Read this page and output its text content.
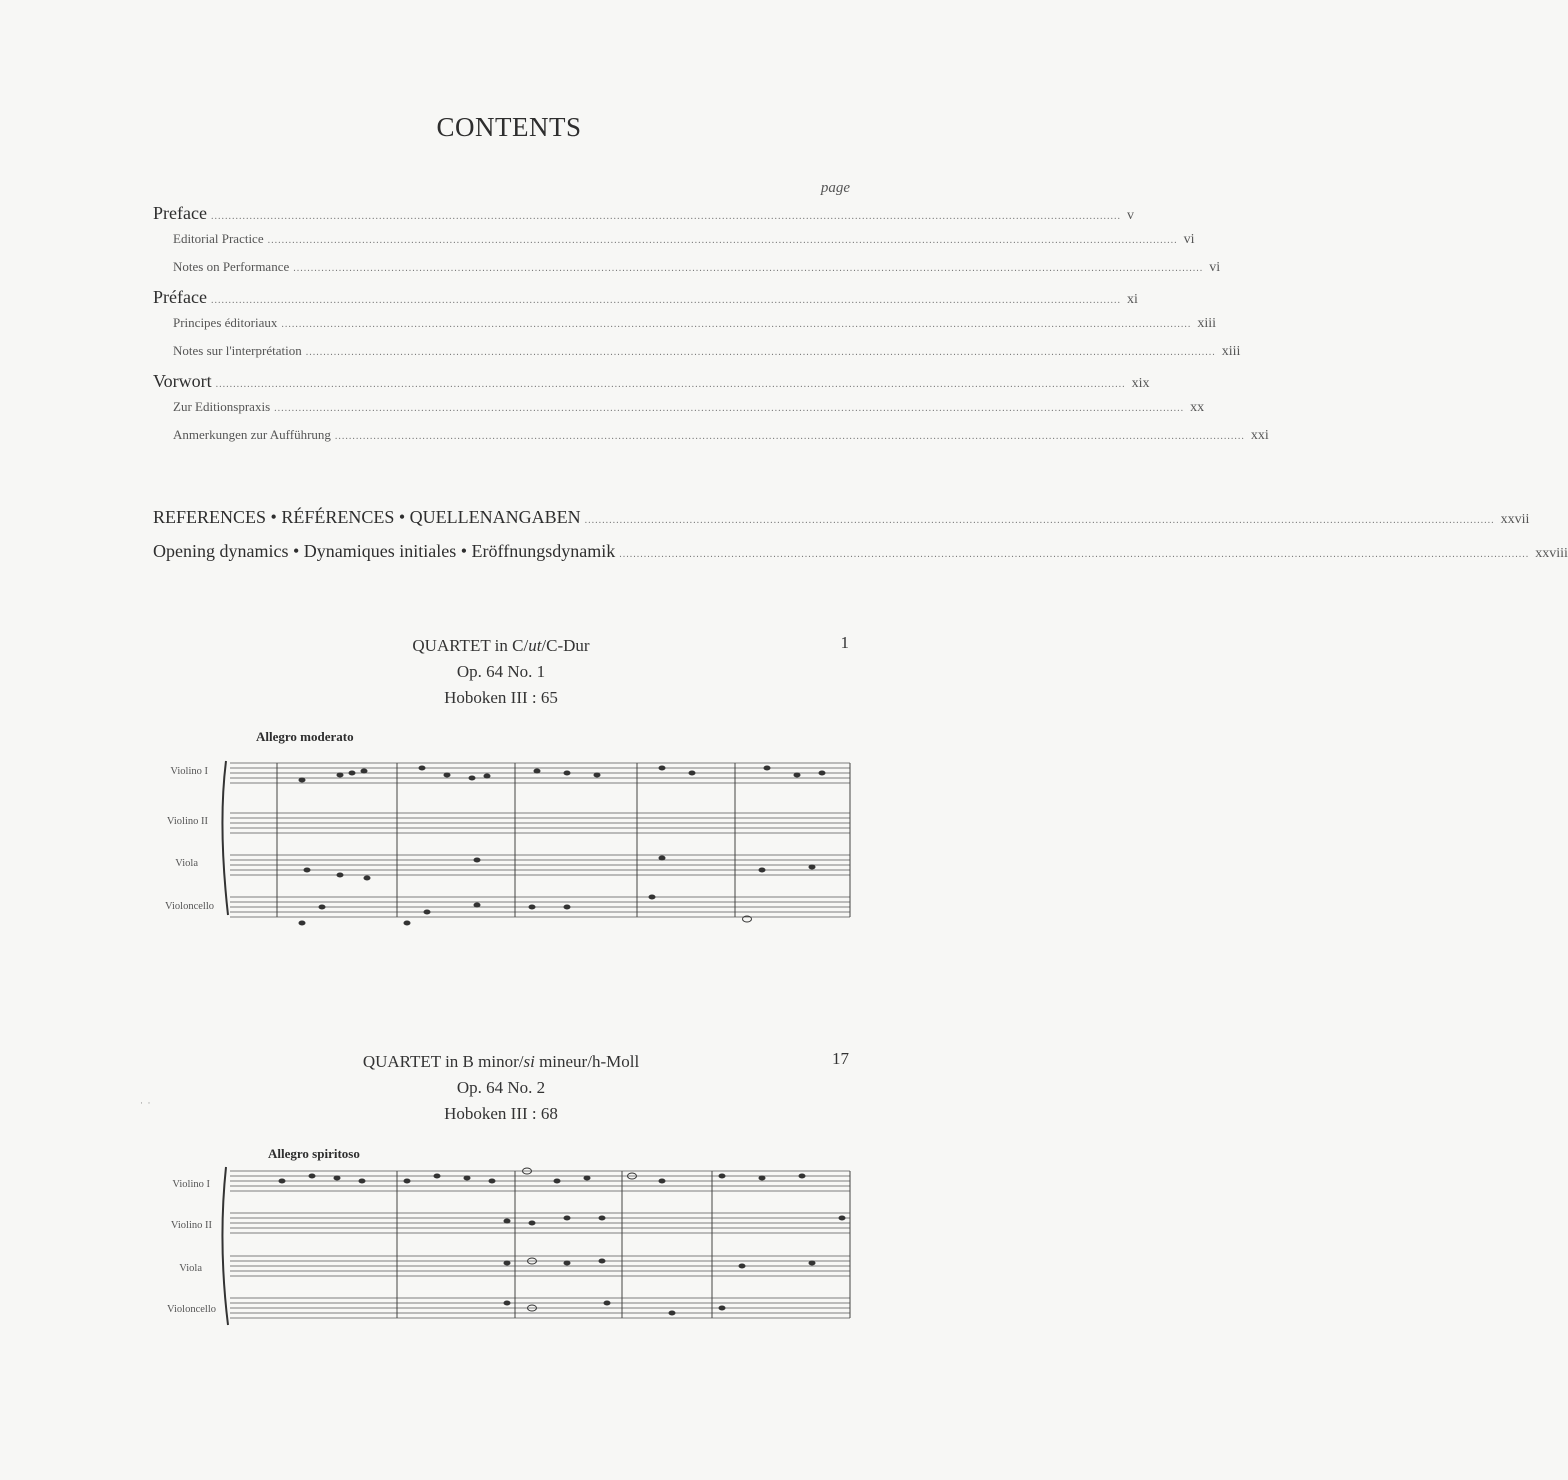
CONTENTS
page
Preface .................................................................................................................................................................................................................................................................... v
Editorial Practice .................................................................................................................................................................................................................................................................... vi
Notes on Performance .................................................................................................................................................................................................................................................................... vi
Préface .................................................................................................................................................................................................................................................................... xi
Principes éditoriaux .................................................................................................................................................................................................................................................................... xiii
Notes sur l'interprétation .................................................................................................................................................................................................................................................................... xiii
Vorwort .................................................................................................................................................................................................................................................................... xix
Zur Editionspraxis .................................................................................................................................................................................................................................................................... xx
Anmerkungen zur Aufführung .................................................................................................................................................................................................................................................................... xxi
REFERENCES • RÉFÉRENCES • QUELLENANGABEN .................................................................................................................................................................................................................................................................... xxvii
Opening dynamics • Dynamiques initiales • Eröffnungsdynamik .................................................................................................................................................................................................................................................................... xxviii
QUARTET in C/ut/C-Dur
Op. 64 No. 1
Hoboken III : 65
1
Allegro moderato
Violino I
Violino II
Viola
Violoncello
QUARTET in B minor/si mineur/h-Moll
Op. 64 No. 2
Hoboken III : 68
17
Allegro spiritoso
Violino I
Violino II
Viola
Violoncello
·  ·
